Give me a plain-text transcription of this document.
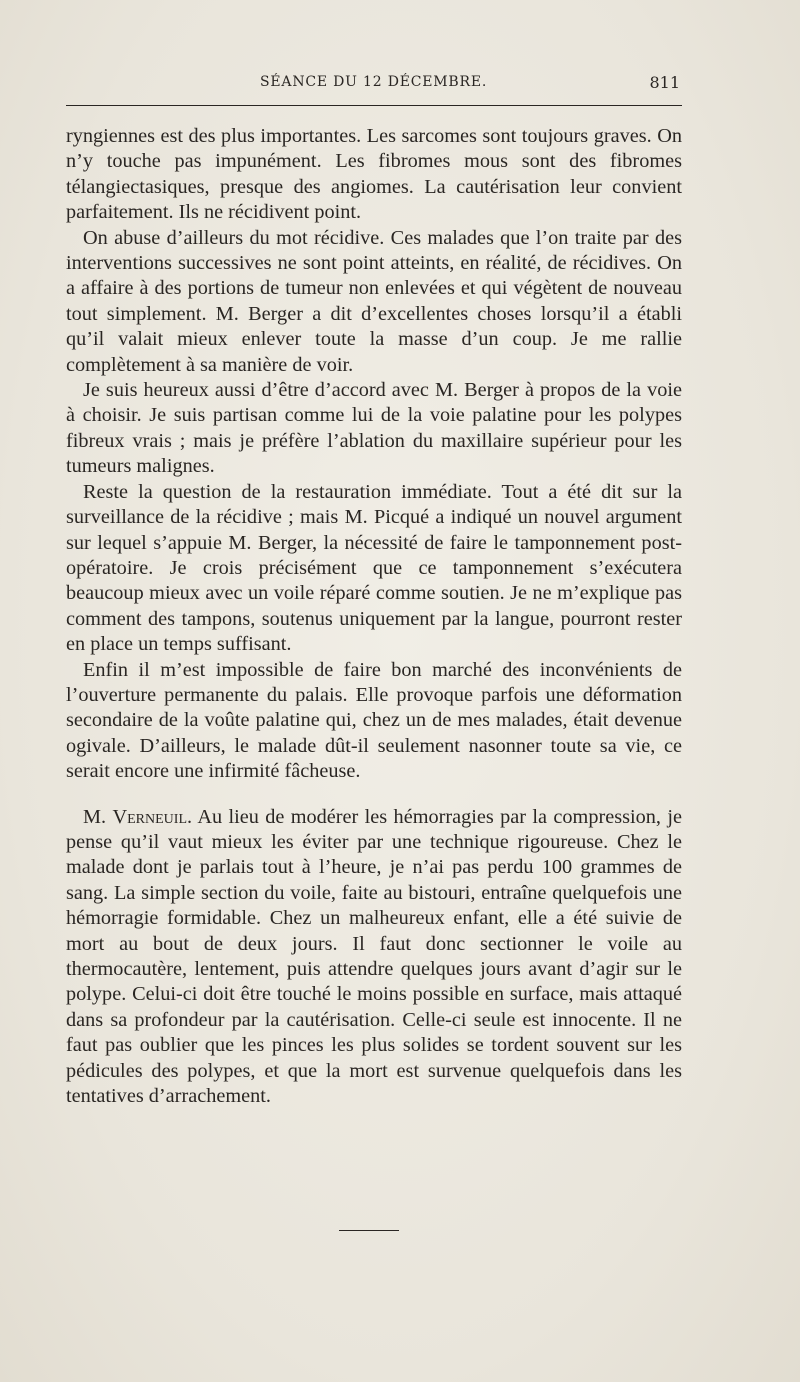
SÉANCE DU 12 DÉCEMBRE.	811

ryngiennes est des plus importantes. Les sarcomes sont toujours graves. On n’y touche pas impunément. Les fibromes mous sont des fibromes télangiectasiques, presque des angiomes. La cautérisation leur convient parfaitement. Ils ne récidivent point.

On abuse d’ailleurs du mot récidive. Ces malades que l’on traite par des interventions successives ne sont point atteints, en réalité, de récidives. On a affaire à des portions de tumeur non enlevées et qui végètent de nouveau tout simplement. M. Berger a dit d’excellentes choses lorsqu’il a établi qu’il valait mieux enlever toute la masse d’un coup. Je me rallie complètement à sa manière de voir.

Je suis heureux aussi d’être d’accord avec M. Berger à propos de la voie à choisir. Je suis partisan comme lui de la voie palatine pour les polypes fibreux vrais ; mais je préfère l’ablation du maxillaire supérieur pour les tumeurs malignes.

Reste la question de la restauration immédiate. Tout a été dit sur la surveillance de la récidive ; mais M. Picqué a indiqué un nouvel argument sur lequel s’appuie M. Berger, la nécessité de faire le tamponnement post-opératoire. Je crois précisément que ce tamponnement s’exécutera beaucoup mieux avec un voile réparé comme soutien. Je ne m’explique pas comment des tampons, soutenus uniquement par la langue, pourront rester en place un temps suffisant.

Enfin il m’est impossible de faire bon marché des inconvénients de l’ouverture permanente du palais. Elle provoque parfois une déformation secondaire de la voûte palatine qui, chez un de mes malades, était devenue ogivale. D’ailleurs, le malade dût-il seulement nasonner toute sa vie, ce serait encore une infirmité fâcheuse.

M. Verneuil. Au lieu de modérer les hémorragies par la compression, je pense qu’il vaut mieux les éviter par une technique rigoureuse. Chez le malade dont je parlais tout à l’heure, je n’ai pas perdu 100 grammes de sang. La simple section du voile, faite au bistouri, entraîne quelquefois une hémorragie formidable. Chez un malheureux enfant, elle a été suivie de mort au bout de deux jours. Il faut donc sectionner le voile au thermocautère, lentement, puis attendre quelques jours avant d’agir sur le polype. Celui-ci doit être touché le moins possible en surface, mais attaqué dans sa profondeur par la cautérisation. Celle-ci seule est innocente. Il ne faut pas oublier que les pinces les plus solides se tordent souvent sur les pédicules des polypes, et que la mort est survenue quelquefois dans les tentatives d’arrachement.
